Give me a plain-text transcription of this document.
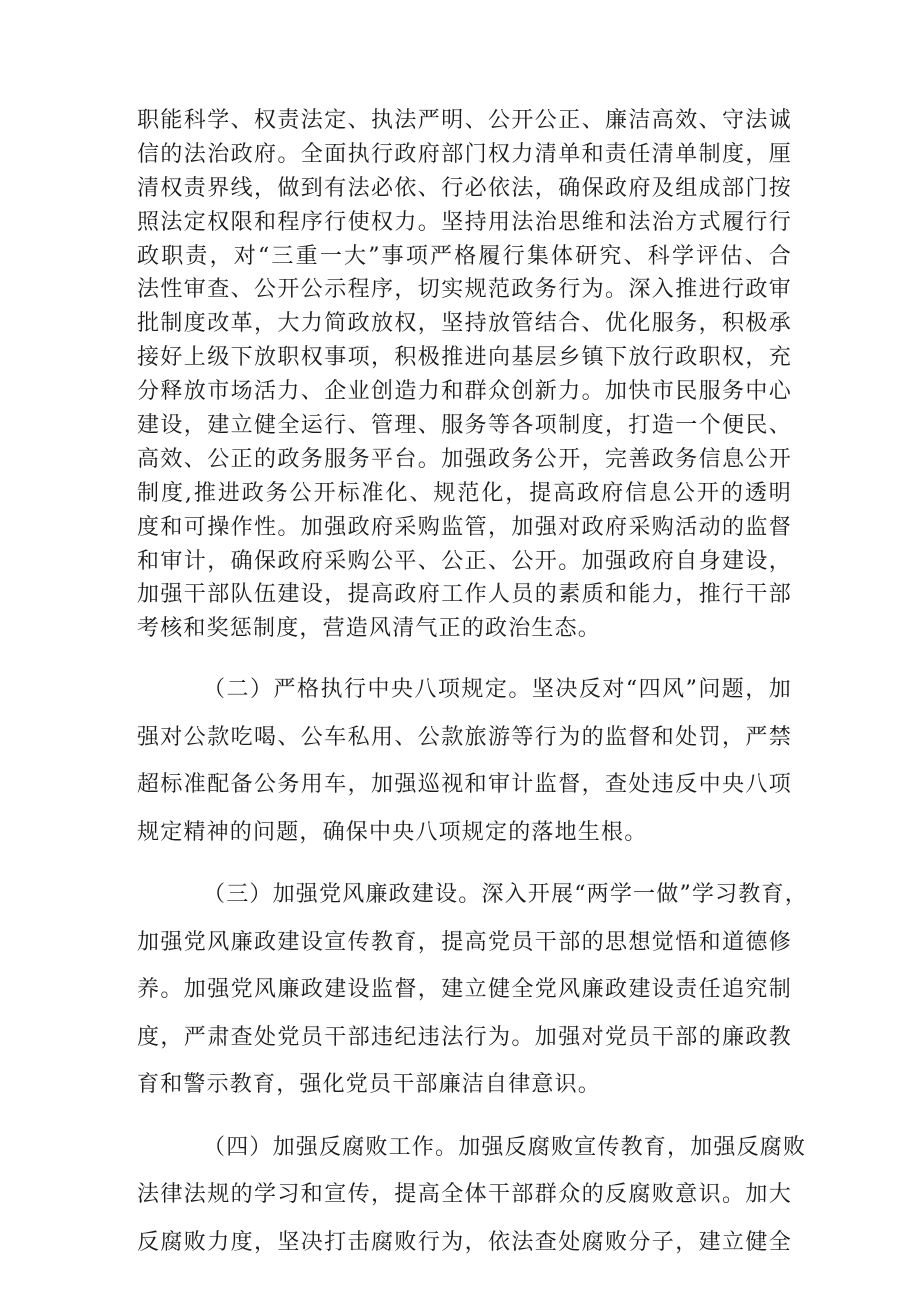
职能科学、权责法定、执法严明、公开公正、廉洁高效、守法诚
信的法治政府。全面执行政府部门权力清单和责任清单制度，厘
清权责界线，做到有法必依、行必依法，确保政府及组成部门按
照法定权限和程序行使权力。坚持用法治思维和法治方式履行行
政职责，对“三重一大”事项严格履行集体研究、科学评估、合
法性审查、公开公示程序，切实规范政务行为。深入推进行政审
批制度改革，大力简政放权，坚持放管结合、优化服务，积极承
接好上级下放职权事项，积极推进向基层乡镇下放行政职权，充
分释放市场活力、企业创造力和群众创新力。加快市民服务中心
建设，建立健全运行、管理、服务等各项制度，打造一个便民、
高效、公正的政务服务平台。加强政务公开，完善政务信息公开
制度,推进政务公开标准化、规范化，提高政府信息公开的透明
度和可操作性。加强政府采购监管，加强对政府采购活动的监督
和审计，确保政府采购公平、公正、公开。加强政府自身建设，
加强干部队伍建设，提高政府工作人员的素质和能力，推行干部
考核和奖惩制度，营造风清气正的政治生态。
（二）严格执行中央八项规定。坚决反对“四风”问题，加
强对公款吃喝、公车私用、公款旅游等行为的监督和处罚，严禁
超标准配备公务用车，加强巡视和审计监督，查处违反中央八项
规定精神的问题，确保中央八项规定的落地生根。
（三）加强党风廉政建设。深入开展“两学一做”学习教育，
加强党风廉政建设宣传教育，提高党员干部的思想觉悟和道德修
养。加强党风廉政建设监督，建立健全党风廉政建设责任追究制
度，严肃查处党员干部违纪违法行为。加强对党员干部的廉政教
育和警示教育，强化党员干部廉洁自律意识。
（四）加强反腐败工作。加强反腐败宣传教育，加强反腐败
法律法规的学习和宣传，提高全体干部群众的反腐败意识。加大
反腐败力度，坚决打击腐败行为，依法查处腐败分子，建立健全
